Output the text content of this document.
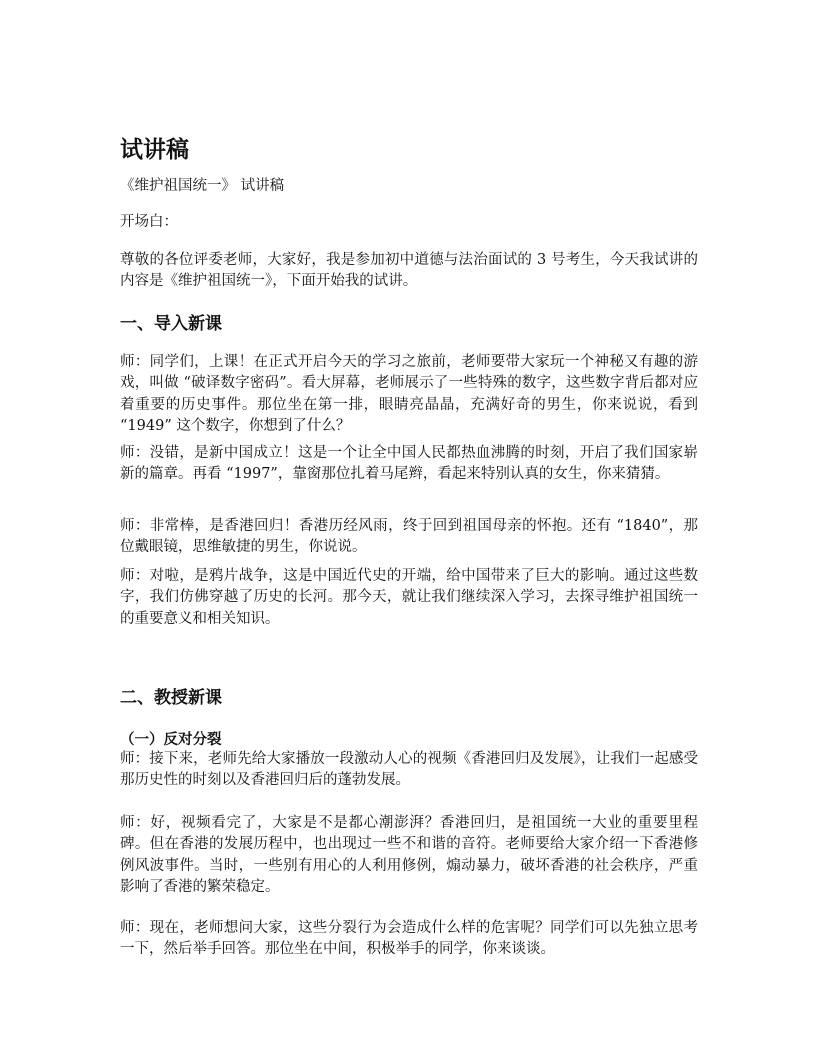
试讲稿
《维护祖国统一》 试讲稿
开场白：

尊敬的各位评委老师，大家好，我是参加初中道德与法治面试的 3 号考生，今天我试讲的内容是《维护祖国统一》，下面开始我的试讲。

一、导入新课

师：同学们，上课！在正式开启今天的学习之旅前，老师要带大家玩一个神秘又有趣的游戏，叫做 “破译数字密码”。看大屏幕，老师展示了一些特殊的数字，这些数字背后都对应着重要的历史事件。那位坐在第一排，眼睛亮晶晶，充满好奇的男生，你来说说，看到 “1949” 这个数字，你想到了什么？

师：没错，是新中国成立！这是一个让全中国人民都热血沸腾的时刻，开启了我们国家崭新的篇章。再看 “1997”，靠窗那位扎着马尾辫，看起来特别认真的女生，你来猜猜。

师：非常棒，是香港回归！香港历经风雨，终于回到祖国母亲的怀抱。还有 “1840”，那位戴眼镜，思维敏捷的男生，你说说。

师：对啦，是鸦片战争，这是中国近代史的开端，给中国带来了巨大的影响。通过这些数字，我们仿佛穿越了历史的长河。那今天，就让我们继续深入学习，去探寻维护祖国统一的重要意义和相关知识。

二、教授新课
（一）反对分裂

师：接下来，老师先给大家播放一段激动人心的视频《香港回归及发展》，让我们一起感受那历史性的时刻以及香港回归后的蓬勃发展。

师：好，视频看完了，大家是不是都心潮澎湃？香港回归，是祖国统一大业的重要里程碑。但在香港的发展历程中，也出现过一些不和谐的音符。老师要给大家介绍一下香港修例风波事件。当时，一些别有用心的人利用修例，煽动暴力，破坏香港的社会秩序，严重影响了香港的繁荣稳定。

师：现在，老师想问大家，这些分裂行为会造成什么样的危害呢？同学们可以先独立思考一下，然后举手回答。那位坐在中间，积极举手的同学，你来谈谈。
